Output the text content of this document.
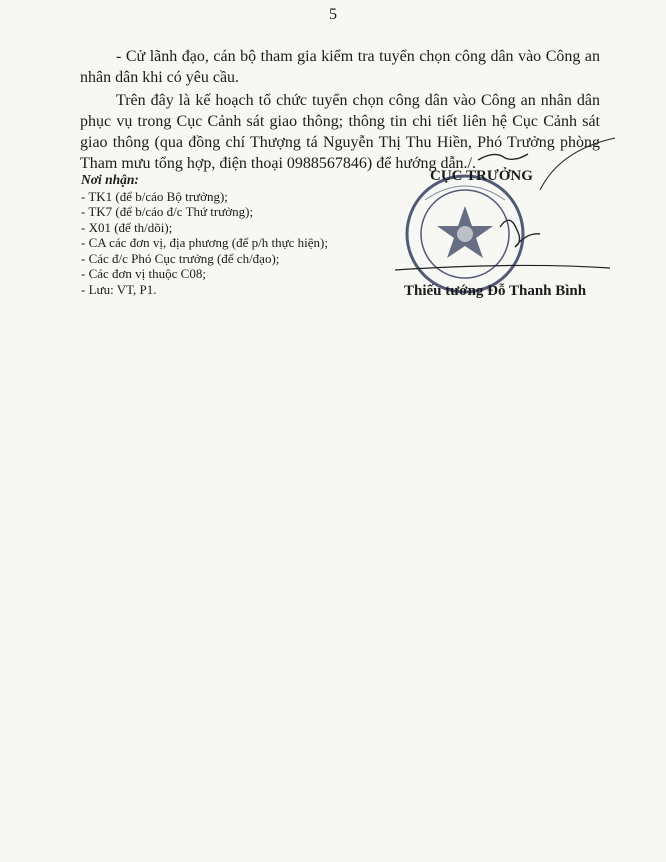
5
- Cử lãnh đạo, cán bộ tham gia kiểm tra tuyển chọn công dân vào Công an nhân dân khi có yêu cầu.
Trên đây là kế hoạch tổ chức tuyển chọn công dân vào Công an nhân dân phục vụ trong Cục Cảnh sát giao thông; thông tin chi tiết liên hệ Cục Cảnh sát giao thông (qua đồng chí Thượng tá Nguyễn Thị Thu Hiền, Phó Trưởng phòng Tham mưu tổng hợp, điện thoại 0988567846) để hướng dẫn./.
Nơi nhận:
- TK1 (để b/cáo Bộ trưởng);
- TK7 (để b/cáo đ/c Thứ trưởng);
- X01 (để th/dõi);
- CA các đơn vị, địa phương (để p/h thực hiện);
- Các đ/c Phó Cục trưởng (để ch/đạo);
- Các đơn vị thuộc C08;
- Lưu: VT, P1.
CỤC TRƯỞNG
Thiếu tướng Đỗ Thanh Bình
